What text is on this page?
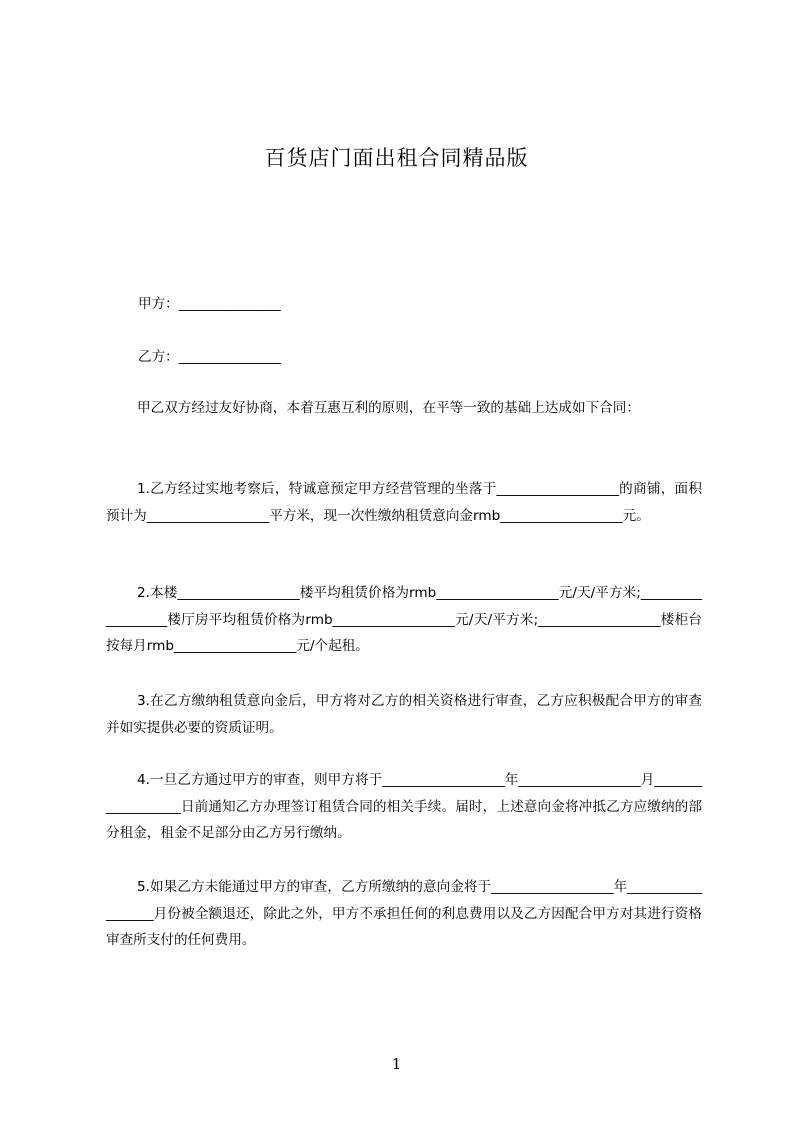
百货店门面出租合同精品版
甲方：_______________
乙方：_______________
甲乙双方经过友好协商，本着互惠互利的原则，在平等一致的基础上达成如下合同：
1.乙方经过实地考察后，特诚意预定甲方经营管理的坐落于__________________的商铺，面积预计为__________________平方米，现一次性缴纳租赁意向金rmb__________________元。
2.本楼__________________楼平均租赁价格为rmb__________________元/天/平方米;__________________楼厅房平均租赁价格为rmb__________________元/天/平方米;__________________楼柜台按每月rmb__________________元/个起租。
3.在乙方缴纳租赁意向金后，甲方将对乙方的相关资格进行审查，乙方应积极配合甲方的审查并如实提供必要的资质证明。
4.一旦乙方通过甲方的审查，则甲方将于__________________年__________________月__________________日前通知乙方办理签订租赁合同的相关手续。届时，上述意向金将冲抵乙方应缴纳的部分租金，租金不足部分由乙方另行缴纳。
5.如果乙方未能通过甲方的审查，乙方所缴纳的意向金将于__________________年__________________月份被全额退还，除此之外，甲方不承担任何的利息费用以及乙方因配合甲方对其进行资格审查所支付的任何费用。
1
